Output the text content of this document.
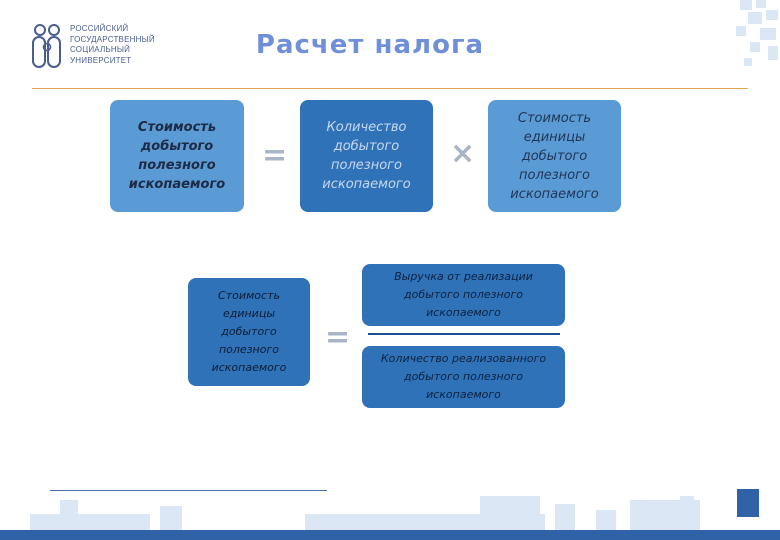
РОССИЙСКИЙ
ГОСУДАРСТВЕННЫЙ
СОЦИАЛЬНЫЙ
УНИВЕРСИТЕТ	Расчет налога
Стоимость добытого полезного ископаемого
=
Количество добытого полезного ископаемого
×
Стоимость единицы добытого полезного ископаемого
Стоимость единицы добытого полезного ископаемого
=
Выручка от реализации добытого полезного ископаемого
Количество реализованного добытого полезного ископаемого
